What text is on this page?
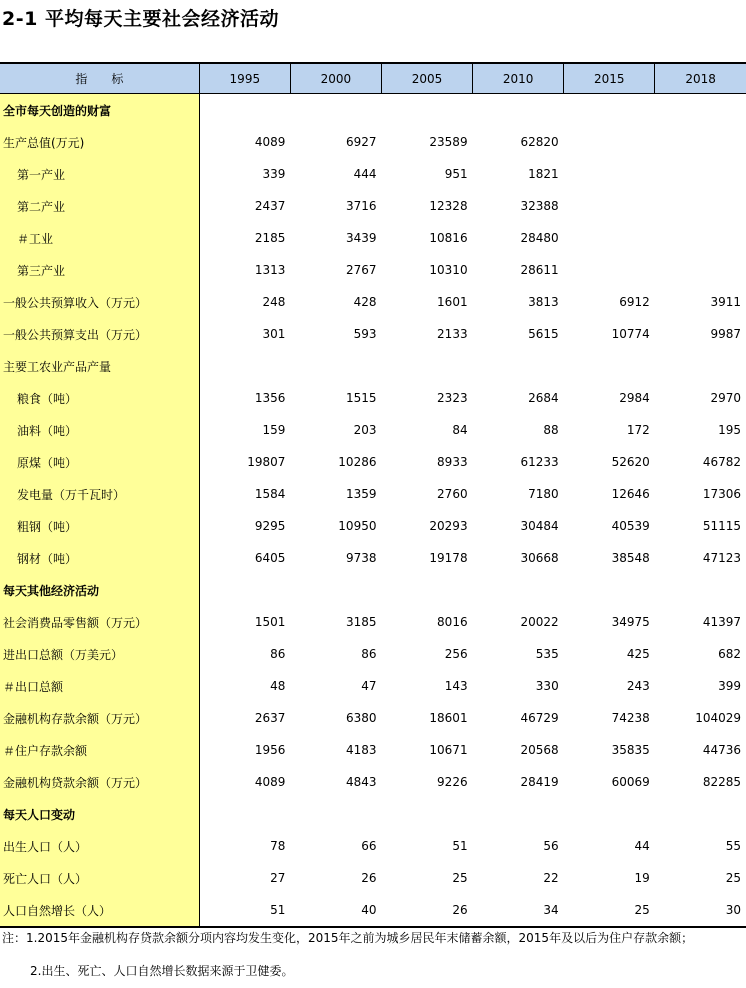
2-1 平均每天主要社会经济活动
指　　标	1995	2000	2005	2010	2015	2018
全市每天创造的财富						
生产总值(万元)	4089	6927	23589	62820		
第一产业	339	444	951	1821		
第二产业	2437	3716	12328	32388		
＃工业	2185	3439	10816	28480		
第三产业	1313	2767	10310	28611		
一般公共预算收入（万元）	248	428	1601	3813	6912	3911
一般公共预算支出（万元）	301	593	2133	5615	10774	9987
主要工农业产品产量						
粮食（吨）	1356	1515	2323	2684	2984	2970
油料（吨）	159	203	84	88	172	195
原煤（吨）	19807	10286	8933	61233	52620	46782
发电量（万千瓦时）	1584	1359	2760	7180	12646	17306
粗钢（吨）	9295	10950	20293	30484	40539	51115
钢材（吨）	6405	9738	19178	30668	38548	47123
每天其他经济活动						
社会消费品零售额（万元）	1501	3185	8016	20022	34975	41397
进出口总额（万美元）	86	86	256	535	425	682
＃出口总额	48	47	143	330	243	399
金融机构存款余额（万元）	2637	6380	18601	46729	74238	104029
＃住户存款余额	1956	4183	10671	20568	35835	44736
金融机构贷款余额（万元）	4089	4843	9226	28419	60069	82285
每天人口变动						
出生人口（人）	78	66	51	56	44	55
死亡人口（人）	27	26	25	22	19	25
人口自然增长（人）	51	40	26	34	25	30
注：1.2015年金融机构存贷款余额分项内容均发生变化，2015年之前为城乡居民年末储蓄余额，2015年及以后为住户存款余额；
2.出生、死亡、人口自然增长数据来源于卫健委。
